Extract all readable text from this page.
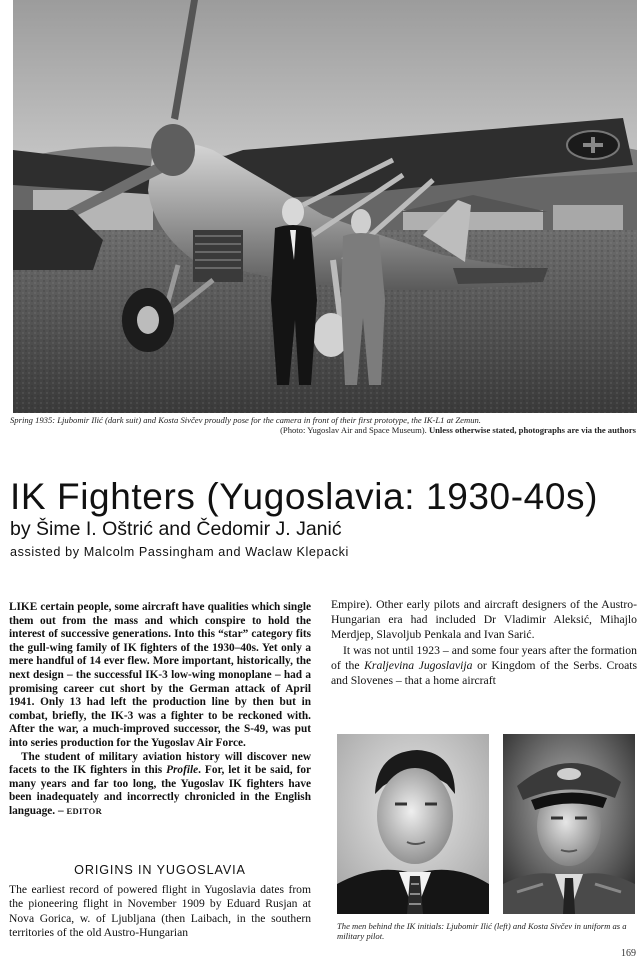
Spring 1935: Ljubomir Ilić (dark suit) and Kosta Sivčev proudly pose for the camera in front of their first prototype, the IK-L1 at Zemun.
(Photo: Yugoslav Air and Space Museum). Unless otherwise stated, photographs are via the authors
IK Fighters (Yugoslavia: 1930-40s)
by Šime I. Oštrić and Čedomir J. Janić
assisted by Malcolm Passingham and Waclaw Klepacki

LIKE certain people, some aircraft have qualities which single them out from the mass and which conspire to hold the interest of successive generations. Into this “star” category fits the gull-wing family of IK fighters of the 1930–40s. Yet only a mere handful of 14 ever flew. More important, historically, the next design – the successful IK-3 low-wing monoplane – had a promising career cut short by the German attack of April 1941. Only 13 had left the production line by then but in combat, briefly, the IK-3 was a fighter to be reckoned with. After the war, a much-improved successor, the S-49, was put into series production for the Yugoslav Air Force.

The student of military aviation history will discover new facets to the IK fighters in this Profile. For, let it be said, for many years and far too long, the Yugoslav IK fighters have been inadequately and incorrectly chronicled in the English language. – EDITOR

ORIGINS IN YUGOSLAVIA

The earliest record of powered flight in Yugoslavia dates from the pioneering flight in November 1909 by Eduard Rusjan at Nova Gorica, w. of Ljubljana (then Laibach, in the southern territories of the old Austro-Hungarian

Empire). Other early pilots and aircraft designers of the Austro-Hungarian era had included Dr Vladimir Aleksić, Mihajlo Merdjep, Slavoljub Penkala and Ivan Sarić.

It was not until 1923 – and some four years after the formation of the Kraljevina Jugoslavija or Kingdom of the Serbs. Croats and Slovenes – that a home aircraft

The men behind the IK initials: Ljubomir Ilić (left) and Kosta Sivčev in uniform as a military pilot.
169
